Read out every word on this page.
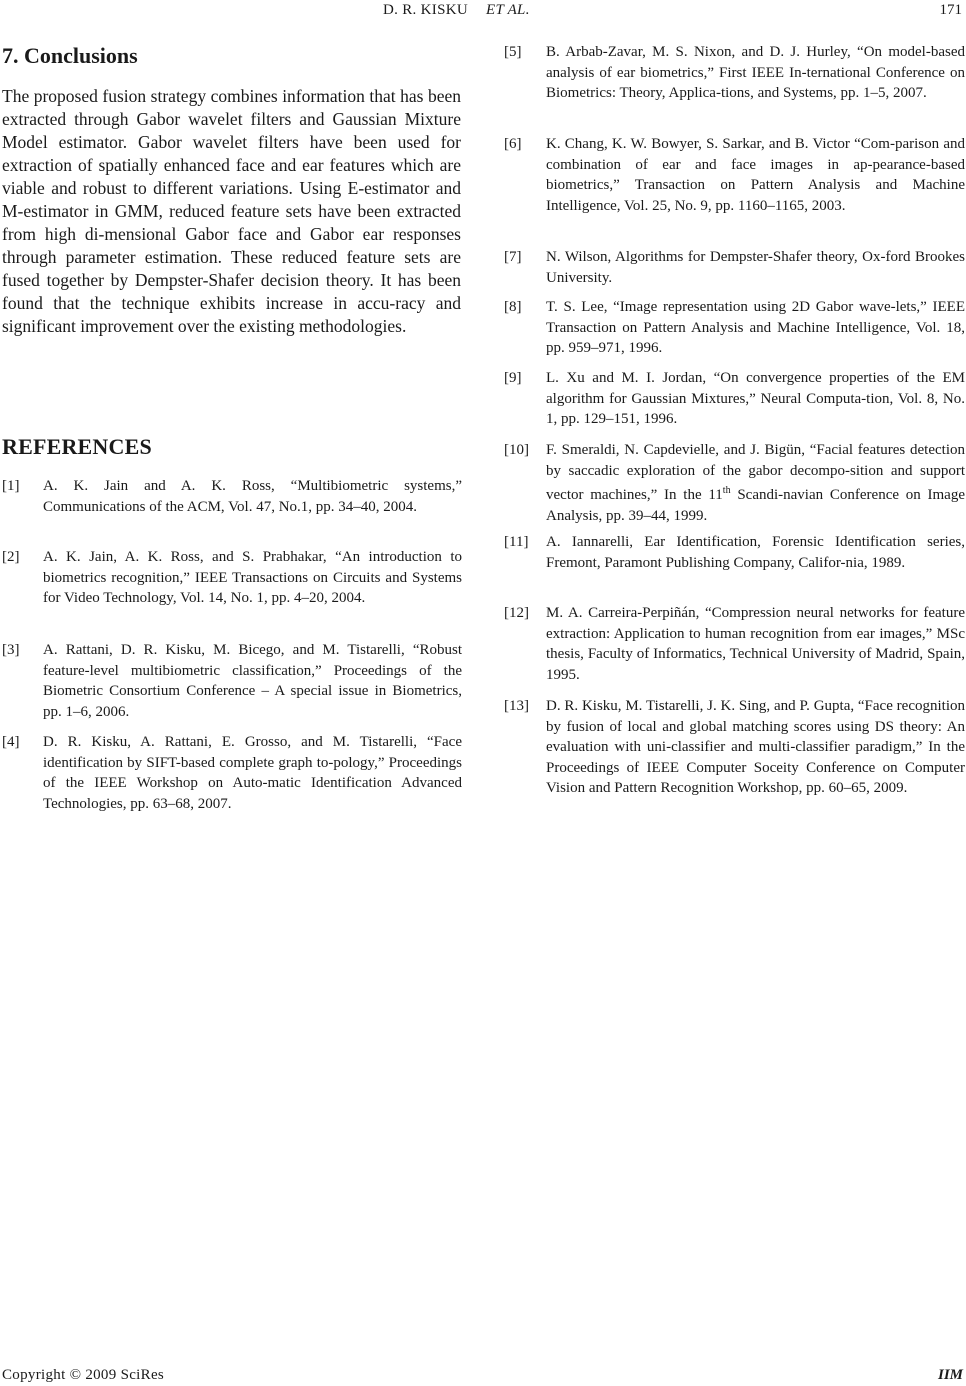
D. R. KISKU ET AL.	171
7. Conclusions

The proposed fusion strategy combines information that has been extracted through Gabor wavelet filters and Gaussian Mixture Model estimator. Gabor wavelet filters have been used for extraction of spatially enhanced face and ear features which are viable and robust to different variations. Using E-estimator and M-estimator in GMM, reduced feature sets have been extracted from high di-mensional Gabor face and Gabor ear responses through parameter estimation. These reduced feature sets are fused together by Dempster-Shafer decision theory. It has been found that the technique exhibits increase in accu-racy and significant improvement over the existing methodologies.

REFERENCES

[1] A. K. Jain and A. K. Ross, “Multibiometric systems,” Communications of the ACM, Vol. 47, No.1, pp. 34–40, 2004.

[2] A. K. Jain, A. K. Ross, and S. Prabhakar, “An introduction to biometrics recognition,” IEEE Transactions on Circuits and Systems for Video Technology, Vol. 14, No. 1, pp. 4–20, 2004.

[3] A. Rattani, D. R. Kisku, M. Bicego, and M. Tistarelli, “Robust feature-level multibiometric classification,” Proceedings of the Biometric Consortium Conference – A special issue in Biometrics, pp. 1–6, 2006.

[4] D. R. Kisku, A. Rattani, E. Grosso, and M. Tistarelli, “Face identification by SIFT-based complete graph to-pology,” Proceedings of the IEEE Workshop on Auto-matic Identification Advanced Technologies, pp. 63–68, 2007.

[5] B. Arbab-Zavar, M. S. Nixon, and D. J. Hurley, “On model-based analysis of ear biometrics,” First IEEE In-ternational Conference on Biometrics: Theory, Applica-tions, and Systems, pp. 1–5, 2007.

[6] K. Chang, K. W. Bowyer, S. Sarkar, and B. Victor “Com-parison and combination of ear and face images in ap-pearance-based biometrics,” Transaction on Pattern Analysis and Machine Intelligence, Vol. 25, No. 9, pp. 1160–1165, 2003.

[7] N. Wilson, Algorithms for Dempster-Shafer theory, Ox-ford Brookes University.

[8] T. S. Lee, “Image representation using 2D Gabor wave-lets,” IEEE Transaction on Pattern Analysis and Machine Intelligence, Vol. 18, pp. 959–971, 1996.

[9] L. Xu and M. I. Jordan, “On convergence properties of the EM algorithm for Gaussian Mixtures,” Neural Computa-tion, Vol. 8, No. 1, pp. 129–151, 1996.

[10] F. Smeraldi, N. Capdevielle, and J. Bigün, “Facial features detection by saccadic exploration of the gabor decompo-sition and support vector machines,” In the 11th Scandi-navian Conference on Image Analysis, pp. 39–44, 1999.

[11] A. Iannarelli, Ear Identification, Forensic Identification series, Fremont, Paramont Publishing Company, Califor-nia, 1989.

[12] M. A. Carreira-Perpiñán, “Compression neural networks for feature extraction: Application to human recognition from ear images,” MSc thesis, Faculty of Informatics, Technical University of Madrid, Spain, 1995.

[13] D. R. Kisku, M. Tistarelli, J. K. Sing, and P. Gupta, “Face recognition by fusion of local and global matching scores using DS theory: An evaluation with uni-classifier and multi-classifier paradigm,” In the Proceedings of IEEE Computer Soceity Conference on Computer Vision and Pattern Recognition Workshop, pp. 60–65, 2009.

Copyright © 2009 SciRes	IIM
